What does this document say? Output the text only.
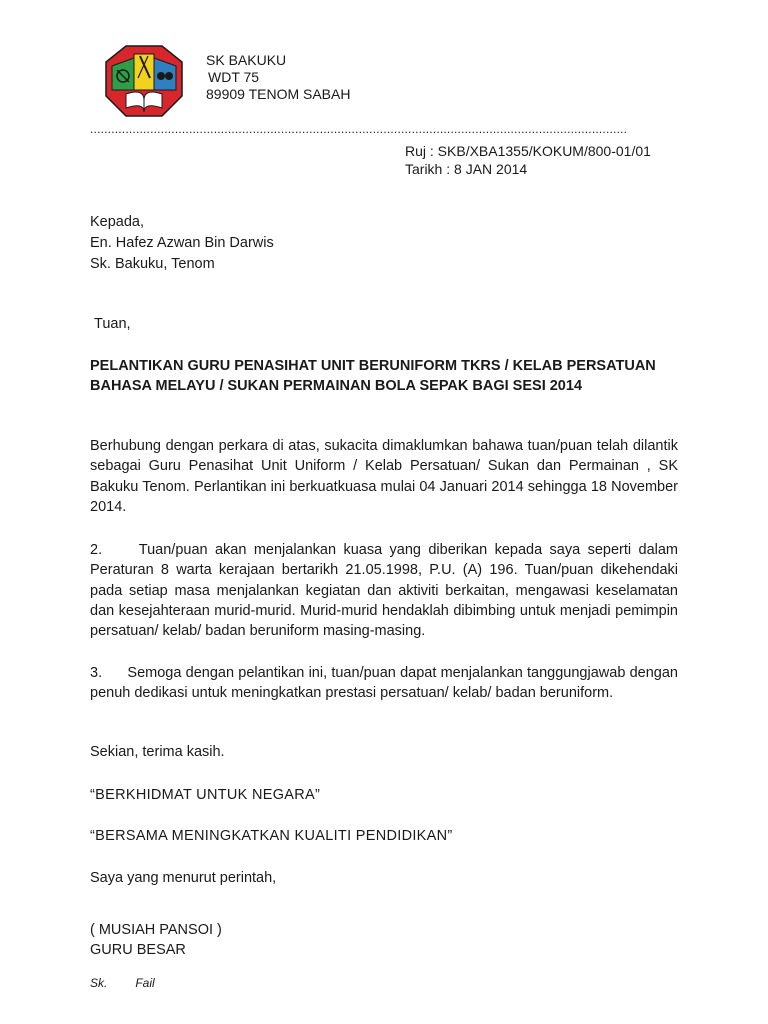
SK BAKUKU
WDT 75
89909 TENOM SABAH
........................................................................................................................................................
Ruj : SKB/XBA1355/KOKUM/800-01/01
Tarikh : 8 JAN 2014
Kepada,
En. Hafez Azwan Bin Darwis
Sk. Bakuku, Tenom
Tuan,
PELANTIKAN GURU PENASIHAT UNIT BERUNIFORM TKRS / KELAB PERSATUAN BAHASA MELAYU / SUKAN PERMAINAN BOLA SEPAK BAGI SESI 2014
Berhubung dengan perkara di atas, sukacita dimaklumkan bahawa tuan/puan telah dilantik sebagai Guru Penasihat Unit Uniform / Kelab Persatuan/ Sukan dan Permainan , SK Bakuku Tenom. Perlantikan ini berkuatkuasa mulai 04 Januari 2014 sehingga 18 November 2014.
2.     Tuan/puan akan menjalankan kuasa yang diberikan kepada saya seperti dalam Peraturan 8 warta kerajaan bertarikh 21.05.1998, P.U. (A) 196. Tuan/puan dikehendaki pada setiap masa menjalankan kegiatan dan aktiviti berkaitan, mengawasi keselamatan dan kesejahteraan murid-murid. Murid-murid hendaklah dibimbing untuk menjadi pemimpin persatuan/ kelab/ badan beruniform masing-masing.
3.      Semoga dengan pelantikan ini, tuan/puan dapat menjalankan tanggungjawab dengan penuh dedikasi untuk meningkatkan prestasi persatuan/ kelab/ badan beruniform.
Sekian, terima kasih.
“BERKHIDMAT UNTUK NEGARA”
“BERSAMA MENINGKATKAN KUALITI PENDIDIKAN”
Saya yang menurut perintah,
( MUSIAH PANSOI )
GURU BESAR
Sk. Fail
